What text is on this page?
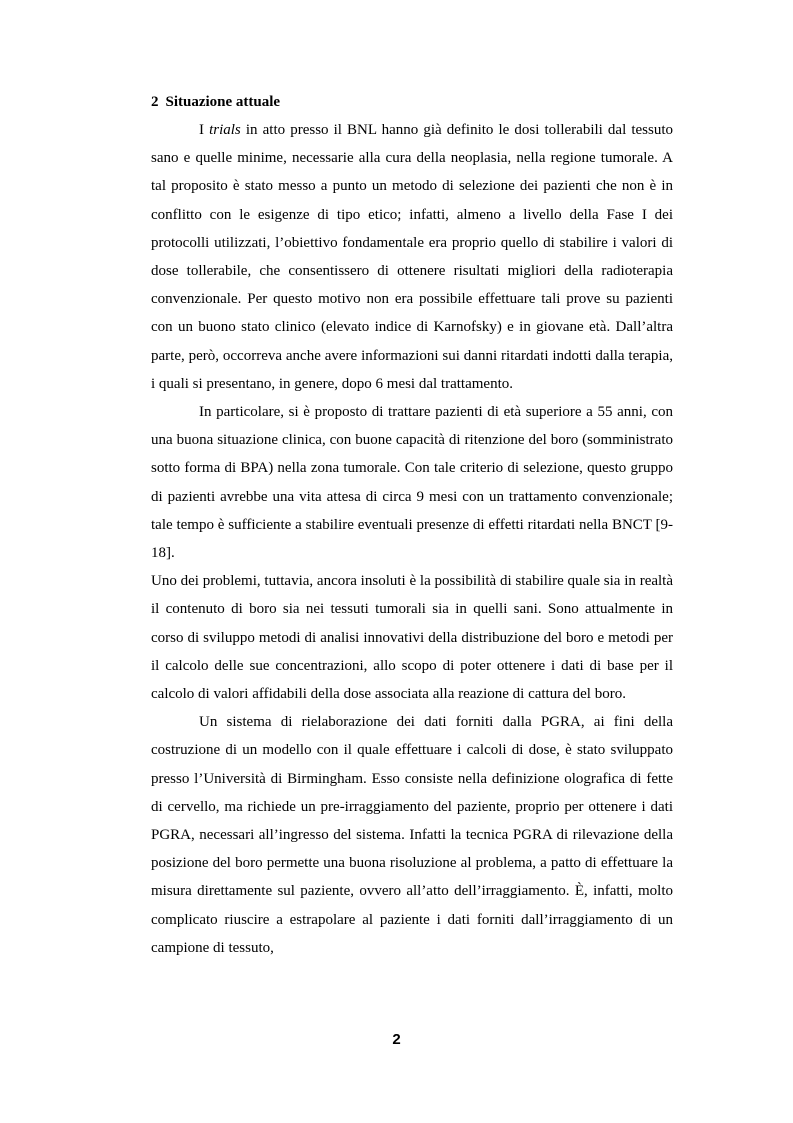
2 Situazione attuale

I trials in atto presso il BNL hanno già definito le dosi tollerabili dal tessuto sano e quelle minime, necessarie alla cura della neoplasia, nella regione tumorale. A tal proposito è stato messo a punto un metodo di selezione dei pazienti che non è in conflitto con le esigenze di tipo etico; infatti, almeno a livello della Fase I dei protocolli utilizzati, l’obiettivo fondamentale era proprio quello di stabilire i valori di dose tollerabile, che consentissero di ottenere risultati migliori della radioterapia convenzionale. Per questo motivo non era possibile effettuare tali prove su pazienti con un buono stato clinico (elevato indice di Karnofsky) e in giovane età. Dall’altra parte, però, occorreva anche avere informazioni sui danni ritardati indotti dalla terapia, i quali si presentano, in genere, dopo 6 mesi dal trattamento.

In particolare, si è proposto di trattare pazienti di età superiore a 55 anni, con una buona situazione clinica, con buone capacità di ritenzione del boro (somministrato sotto forma di BPA) nella zona tumorale. Con tale criterio di selezione, questo gruppo di pazienti avrebbe una vita attesa di circa 9 mesi con un trattamento convenzionale; tale tempo è sufficiente a stabilire eventuali presenze di effetti ritardati nella BNCT [9-18].

Uno dei problemi, tuttavia, ancora insoluti è la possibilità di stabilire quale sia in realtà il contenuto di boro sia nei tessuti tumorali sia in quelli sani. Sono attualmente in corso di sviluppo metodi di analisi innovativi della distribuzione del boro e metodi per il calcolo delle sue concentrazioni, allo scopo di poter ottenere i dati di base per il calcolo di valori affidabili della dose associata alla reazione di cattura del boro.

Un sistema di rielaborazione dei dati forniti dalla PGRA, ai fini della costruzione di un modello con il quale effettuare i calcoli di dose, è stato sviluppato presso l’Università di Birmingham. Esso consiste nella definizione olografica di fette di cervello, ma richiede un pre-irraggiamento del paziente, proprio per ottenere i dati PGRA, necessari all’ingresso del sistema. Infatti la tecnica PGRA di rilevazione della posizione del boro permette una buona risoluzione al problema, a patto di effettuare la misura direttamente sul paziente, ovvero all’atto dell’irraggiamento. È, infatti, molto complicato riuscire a estrapolare al paziente i dati forniti dall’irraggiamento di un campione di tessuto,

2
